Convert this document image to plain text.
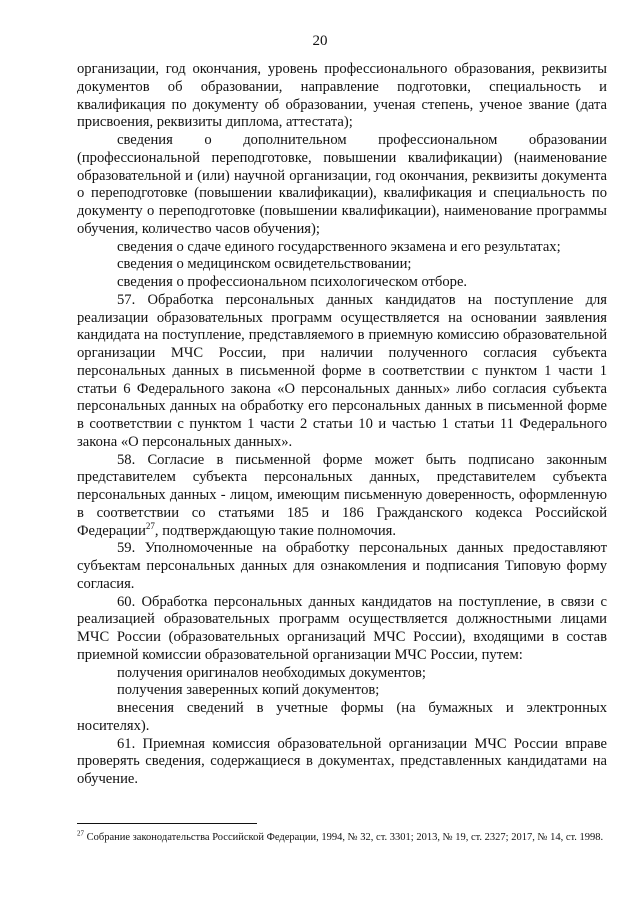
20

организации, год окончания, уровень профессионального образования, реквизиты документов об образовании, направление подготовки, специальность и квалификация по документу об образовании, ученая степень, ученое звание (дата присвоения, реквизиты диплома, аттестата);

сведения о дополнительном профессиональном образовании (профессиональной переподготовке, повышении квалификации) (наименование образовательной и (или) научной организации, год окончания, реквизиты документа о переподготовке (повышении квалификации), квалификация и специальность по документу о переподготовке (повышении квалификации), наименование программы обучения, количество часов обучения);

сведения о сдаче единого государственного экзамена и его результатах;

сведения о медицинском освидетельствовании;

сведения о профессиональном психологическом отборе.

57. Обработка персональных данных кандидатов на поступление для реализации образовательных программ осуществляется на основании заявления кандидата на поступление, представляемого в приемную комиссию образовательной организации МЧС России, при наличии полученного согласия субъекта персональных данных в письменной форме в соответствии с пунктом 1 части 1 статьи 6 Федерального закона «О персональных данных» либо согласия субъекта персональных данных на обработку его персональных данных в письменной форме в соответствии с пунктом 1 части 2 статьи 10 и частью 1 статьи 11 Федерального закона «О персональных данных».

58. Согласие в письменной форме может быть подписано законным представителем субъекта персональных данных, представителем субъекта персональных данных - лицом, имеющим письменную доверенность, оформленную в соответствии со статьями 185 и 186 Гражданского кодекса Российской Федерации$^{27}$, подтверждающую такие полномочия.

59. Уполномоченные на обработку персональных данных предоставляют субъектам персональных данных для ознакомления и подписания Типовую форму согласия.

60. Обработка персональных данных кандидатов на поступление, в связи с реализацией образовательных программ осуществляется должностными лицами МЧС России (образовательных организаций МЧС России), входящими в состав приемной комиссии образовательной организации МЧС России, путем:

получения оригиналов необходимых документов;

получения заверенных копий документов;

внесения сведений в учетные формы (на бумажных и электронных носителях).

61. Приемная комиссия образовательной организации МЧС России вправе проверять сведения, содержащиеся в документах, представленных кандидатами на обучение.

$^{27}$ Собрание законодательства Российской Федерации, 1994, № 32, ст. 3301; 2013, № 19, ст. 2327; 2017, № 14, ст. 1998.
